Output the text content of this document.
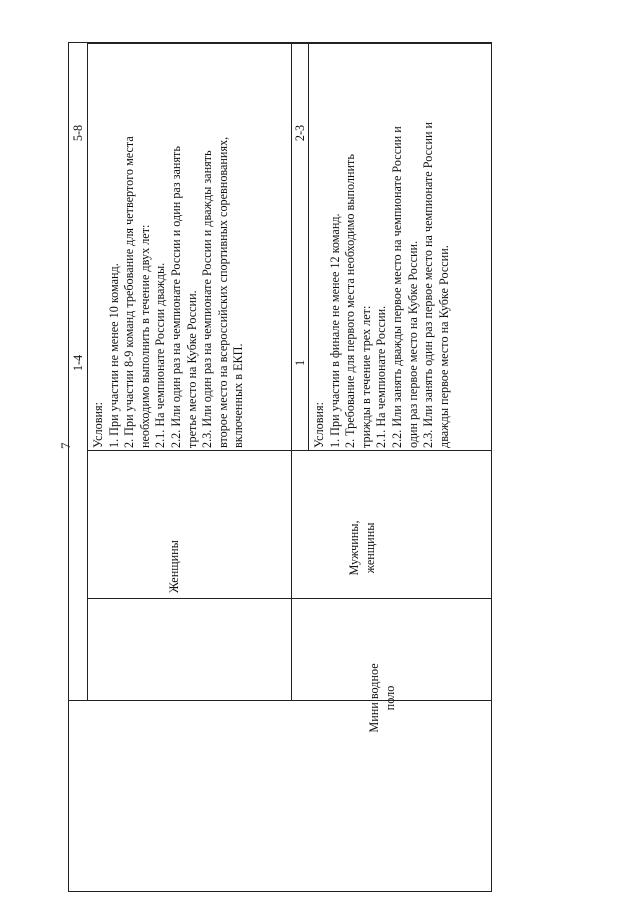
7
Мини водное поло
Женщины
1-4
5-8
Условия: 1. При участии не менее 10 команд. 2. При участии 8-9 команд требование для четвертого места необходимо выполнить в течение двух лет: 2.1. На чемпионате России дважды. 2.2. Или один раз на чемпионате России и один раз занять третье место на Кубке России. 2.3. Или один раз на чемпионате России и дважды занять второе место на всероссийских спортивных соревнованиях, включенных в ЕКП.
Мужчины, женщины
1
2-3
Условия: 1. При участии в финале не менее 12 команд. 2. Требование для первого места необходимо выполнить трижды в течение трех лет: 2.1. На чемпионате России. 2.2. Или занять дважды первое место на чемпионате России и один раз первое место на Кубке России. 2.3. Или занять один раз первое место на чемпионате России и дважды первое место на Кубке России.
